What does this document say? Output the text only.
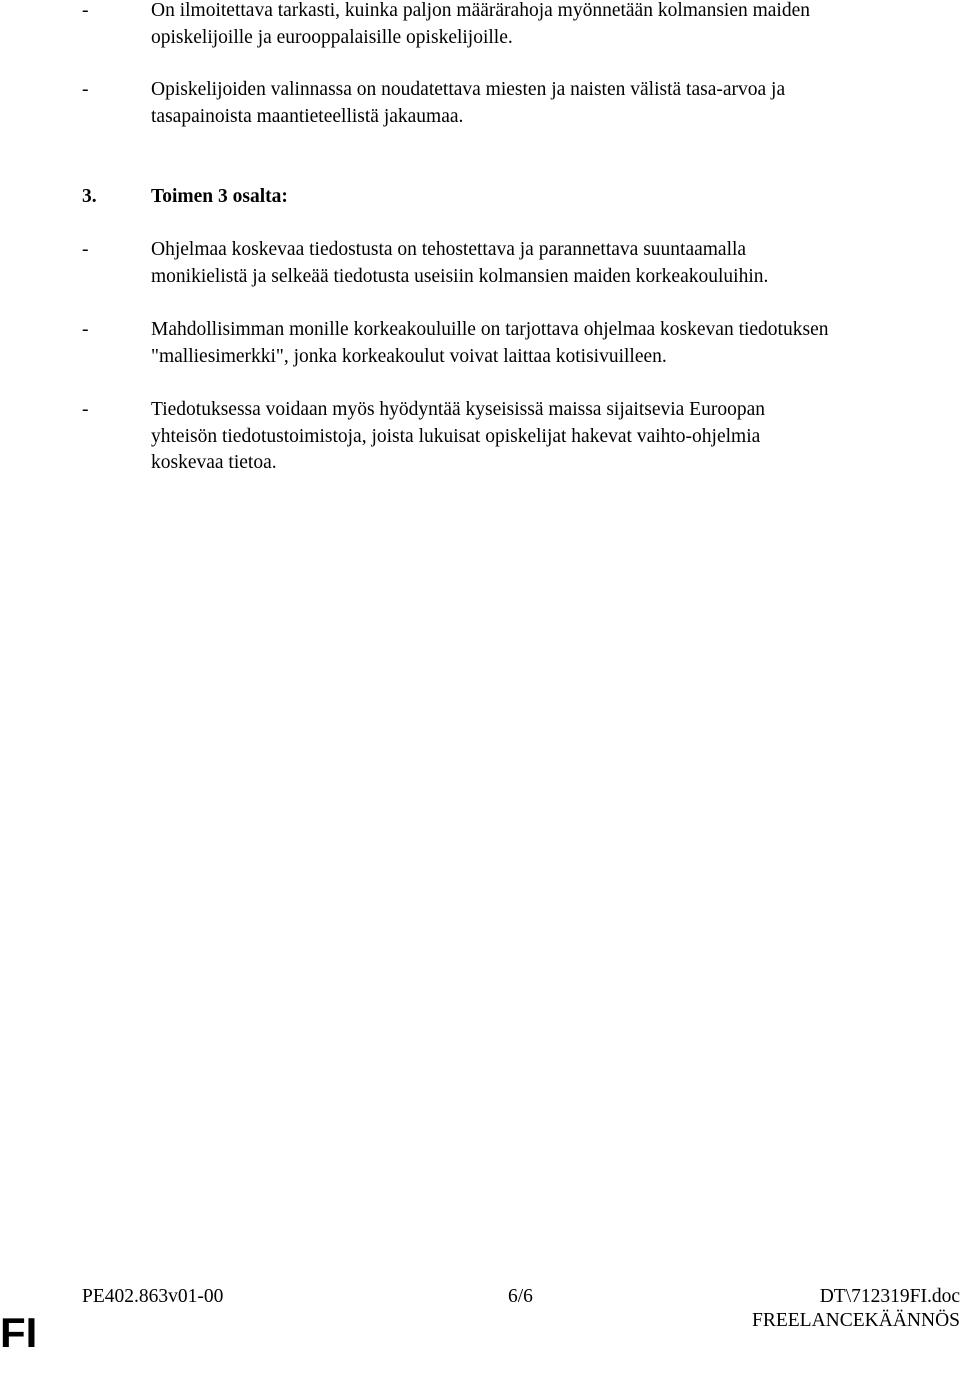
-	On ilmoitettava tarkasti, kuinka paljon määrärahoja myönnetään kolmansien maiden
opiskelijoille ja eurooppalaisille opiskelijoille.
-	Opiskelijoiden valinnassa on noudatettava miesten ja naisten välistä tasa-arvoa ja
tasapainoista maantieteellistä jakaumaa.
3.	Toimen 3 osalta:
-	Ohjelmaa koskevaa tiedostusta on tehostettava ja parannettava suuntaamalla
monikielistä ja selkeää tiedotusta useisiin kolmansien maiden korkeakouluihin.
-	Mahdollisimman monille korkeakouluille on tarjottava ohjelmaa koskevan tiedotuksen
"malliesimerkki", jonka korkeakoulut voivat laittaa kotisivuilleen.
-	Tiedotuksessa voidaan myös hyödyntää kyseisissä maissa sijaitsevia Euroopan
yhteisön tiedotustoimistoja, joista lukuisat opiskelijat hakevat vaihto-ohjelmia
koskevaa tietoa.
PE402.863v01-00	6/6	DT\712319FI.doc
FREELANCEKÄÄNNÖS
FI
